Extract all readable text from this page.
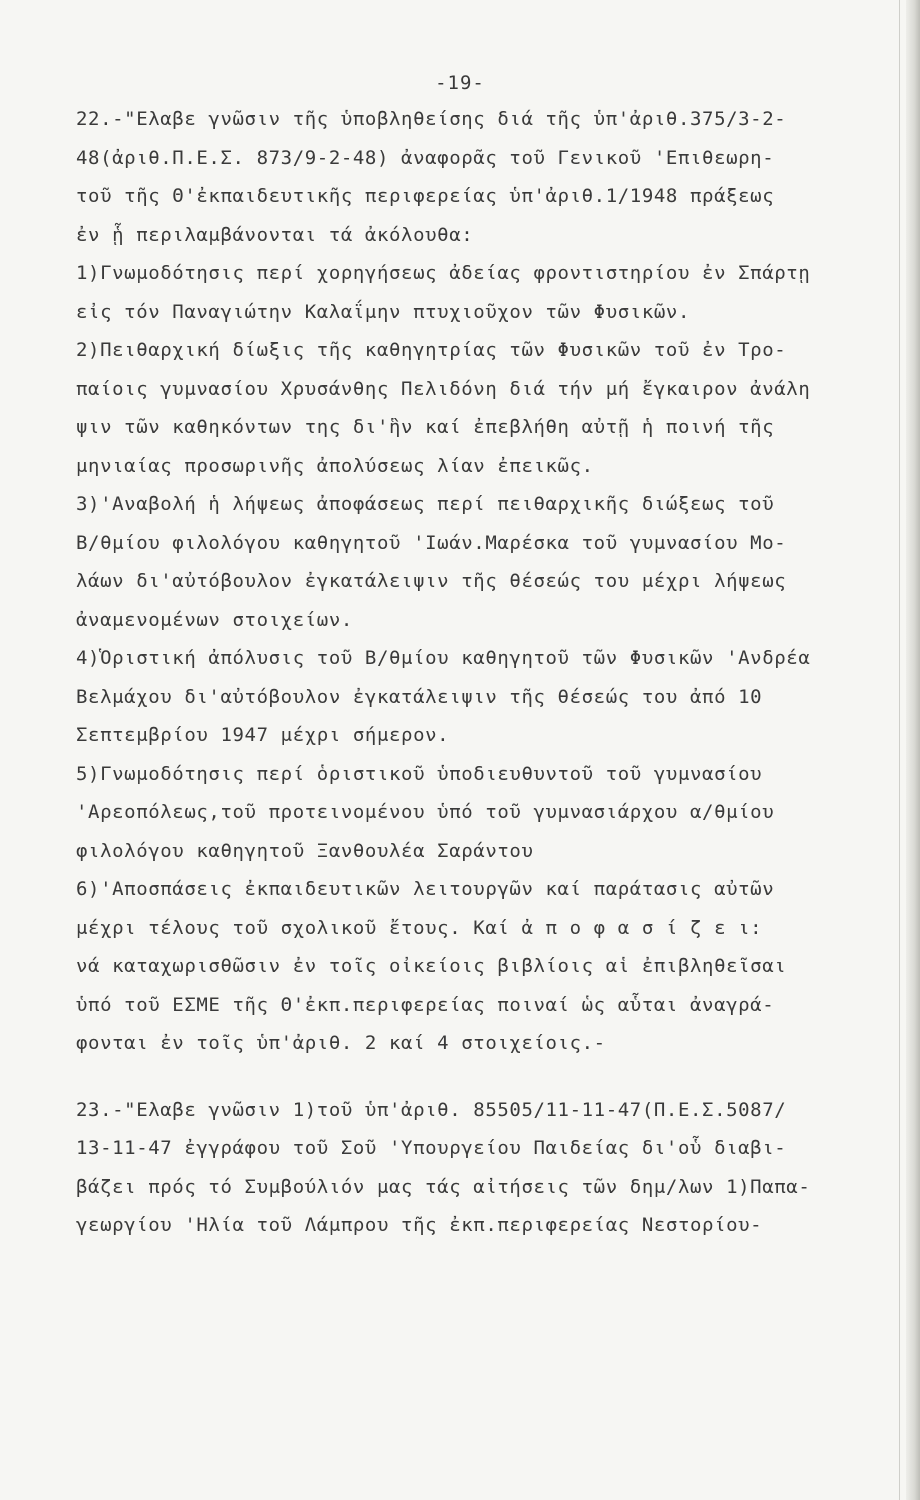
-19-
22.-"Ελαβε γνῶσιν τῆς ὑποβληθείσης διά τῆς ὑπ'ἀριθ.375/3-2-
48(ἀριθ.Π.Ε.Σ. 873/9-2-48) ἀναφορᾶς τοῦ Γενικοῦ 'Επιθεωρη-
τοῦ τῆς Θ'ἐκπαιδευτικῆς περιφερείας ὑπ'ἀριθ.1/1948 πράξεως
ἐν ᾗ περιλαμβάνονται τά ἀκόλουθα:
1)Γνωμοδότησις περί χορηγήσεως ἀδείας φροντιστηρίου ἐν Σπάρτῃ
εἰς τόν Παναγιώτην Καλαΐμην πτυχιοῦχον τῶν Φυσικῶν.
2)Πειθαρχική δίωξις τῆς καθηγητρίας τῶν Φυσικῶν τοῦ ἐν Τρο-
παίοις γυμνασίου Χρυσάνθης Πελιδόνη διά τήν μή ἔγκαιρον ἀνάλη
ψιν τῶν καθηκόντων της δι'ἣν καί ἐπεβλήθη αὐτῇ ἡ ποινή τῆς
μηνιαίας προσωρινῆς ἀπολύσεως λίαν ἐπεικῶς.
3)'Αναβολή ἡ λήψεως ἀποφάσεως περί πειθαρχικῆς διώξεως τοῦ
Β/θμίου φιλολόγου καθηγητοῦ 'Ιωάν.Μαρέσκα τοῦ γυμνασίου Μο-
λάων δι'αὐτόβουλον ἐγκατάλειψιν τῆς θέσεώς του μέχρι λήψεως
ἀναμενομένων στοιχείων.
4)Ὁριστική ἀπόλυσις τοῦ Β/θμίου καθηγητοῦ τῶν Φυσικῶν 'Ανδρέα
Βελμάχου δι'αὐτόβουλον ἐγκατάλειψιν τῆς θέσεώς του ἀπό 10
Σεπτεμβρίου 1947 μέχρι σήμερον.
5)Γνωμοδότησις περί ὁριστικοῦ ὑποδιευθυντοῦ τοῦ γυμνασίου
'Αρεοπόλεως,τοῦ προτεινομένου ὑπό τοῦ γυμνασιάρχου α/θμίου
φιλολόγου καθηγητοῦ Ξανθουλέα Σαράντου
6)'Αποσπάσεις ἐκπαιδευτικῶν λειτουργῶν καί παράτασις αὐτῶν
μέχρι τέλους τοῦ σχολικοῦ ἔτους. Καί ἀ π ο φ α σ ί ζ ε ι:
νά καταχωρισθῶσιν ἐν τοῖς οἰκείοις βιβλίοις αἱ ἐπιβληθεῖσαι
ὑπό τοῦ ΕΣΜΕ τῆς Θ'ἐκπ.περιφερείας ποιναί ὡς αὗται ἀναγρά-
φονται ἐν τοῖς ὑπ'ἀριθ. 2 καί 4 στοιχείοις.-
23.-"Ελαβε γνῶσιν 1)τοῦ ὑπ'ἀριθ. 85505/11-11-47(Π.Ε.Σ.5087/
13-11-47 ἐγγράφου τοῦ Σοῦ 'Υπουργείου Παιδείας δι'οὗ διαβι-
βάζει πρός τό Συμβούλιόν μας τάς αἰτήσεις τῶν δημ/λων 1)Παπα-
γεωργίου 'Ηλία τοῦ Λάμπρου τῆς ἐκπ.περιφερείας Νεστορίου-
